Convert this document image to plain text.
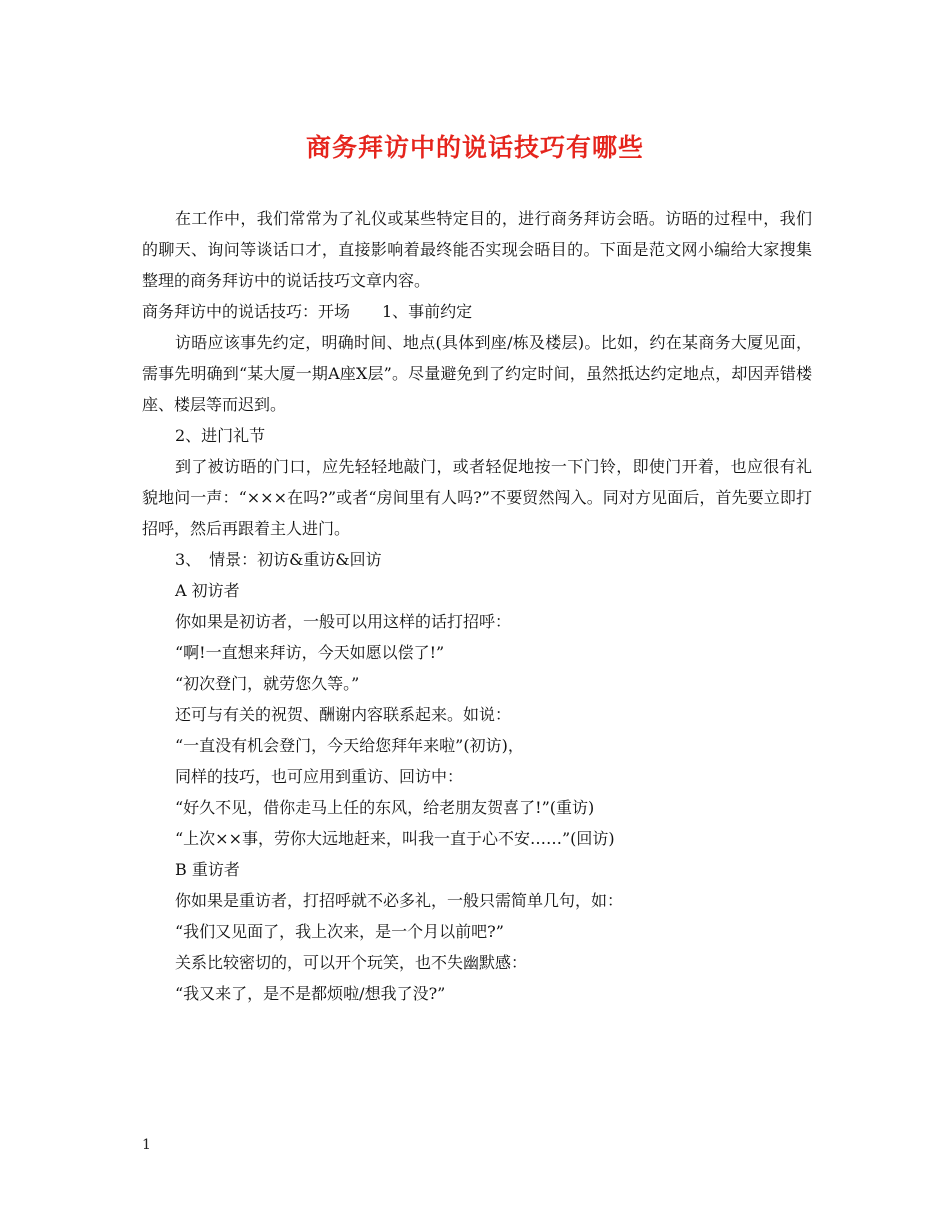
商务拜访中的说话技巧有哪些

在工作中，我们常常为了礼仪或某些特定目的，进行商务拜访会晤。访晤的过程中，我们的聊天、询问等谈话口才，直接影响着最终能否实现会晤目的。下面是范文网小编给大家搜集整理的商务拜访中的说话技巧文章内容。

商务拜访中的说话技巧：开场　　1、事前约定

访晤应该事先约定，明确时间、地点(具体到座/栋及楼层)。比如，约在某商务大厦见面，需事先明确到“某大厦一期A座X层”。尽量避免到了约定时间，虽然抵达约定地点，却因弄错楼座、楼层等而迟到。

2、进门礼节

到了被访晤的门口，应先轻轻地敲门，或者轻促地按一下门铃，即使门开着，也应很有礼貌地问一声：“×××在吗?”或者“房间里有人吗?”不要贸然闯入。同对方见面后，首先要立即打招呼，然后再跟着主人进门。

3、　情景：初访&重访&回访

A 初访者

你如果是初访者，一般可以用这样的话打招呼：

“啊!一直想来拜访，今天如愿以偿了!”

“初次登门，就劳您久等。”

还可与有关的祝贺、酬谢内容联系起来。如说：

“一直没有机会登门，今天给您拜年来啦”(初访)，

同样的技巧，也可应用到重访、回访中：

“好久不见，借你走马上任的东风，给老朋友贺喜了!”(重访)

“上次××事，劳你大远地赶来，叫我一直于心不安……”(回访)

B 重访者

你如果是重访者，打招呼就不必多礼，一般只需简单几句，如：

“我们又见面了，我上次来，是一个月以前吧?”

关系比较密切的，可以开个玩笑，也不失幽默感：

“我又来了，是不是都烦啦/想我了没?”

1
